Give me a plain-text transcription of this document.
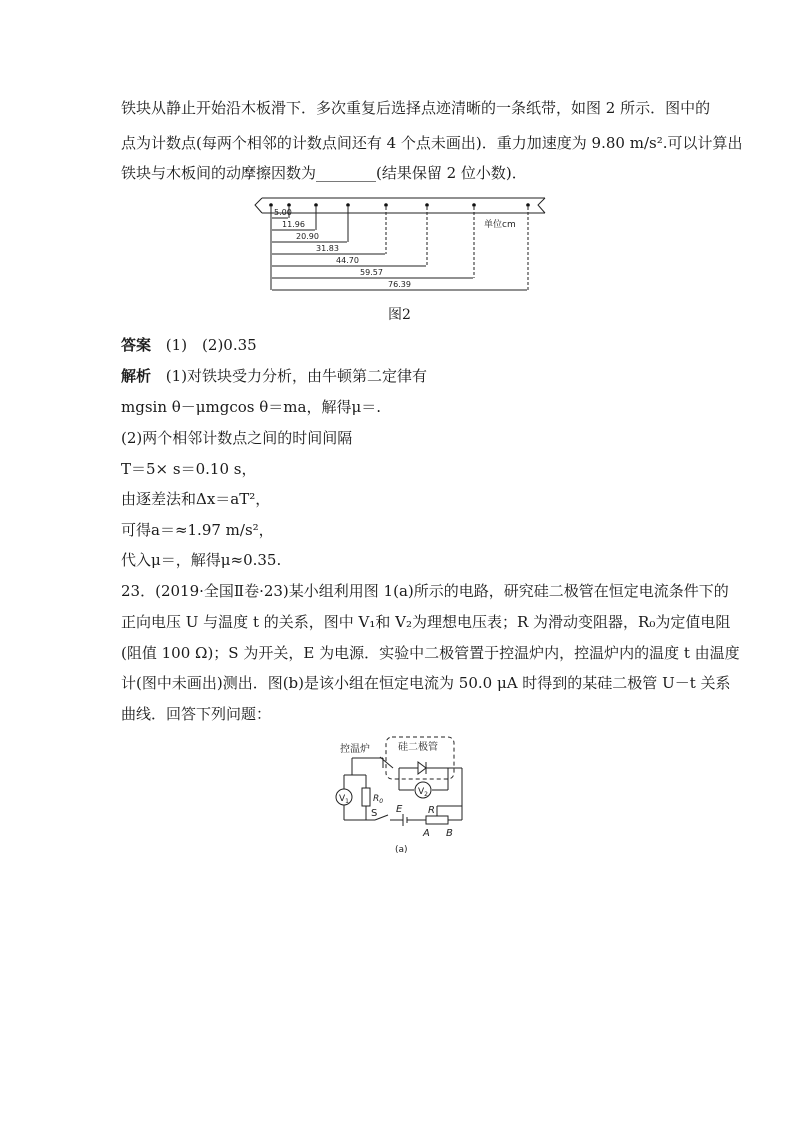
铁块从静止开始沿木板滑下．多次重复后选择点迹清晰的一条纸带，如图 2 所示．图中的
点为计数点(每两个相邻的计数点间还有 4 个点未画出)．重力加速度为 9.80 m/s².可以计算出
铁块与木板间的动摩擦因数为________(结果保留 2 位小数)．
5.00
11.96
20.90
31.83
44.70
59.57
76.39
单位cm
图2
答案 (1)　(2)0.35
解析 (1)对铁块受力分析，由牛顿第二定律有
mgsin θ－μmgcos θ＝ma，解得μ＝.
(2)两个相邻计数点之间的时间间隔
T＝5× s＝0.10 s，
由逐差法和Δx＝aT²，
可得a＝≈1.97 m/s²，
代入μ＝，解得μ≈0.35.
23．(2019·全国Ⅱ卷·23)某小组利用图 1(a)所示的电路，研究硅二极管在恒定电流条件下的
正向电压 U 与温度 t 的关系，图中 V₁和 V₂为理想电压表；R 为滑动变阻器，R₀为定值电阻
(阻值 100 Ω)；S 为开关，E 为电源．实验中二极管置于控温炉内，控温炉内的温度 t 由温度
计(图中未画出)测出．图(b)是该小组在恒定电流为 50.0 μA 时得到的某硅二极管 U－t 关系
曲线．回答下列问题：
控温炉	硅二极管
$V_1$
$V_2$
$R_0$
S E	R
A B
(a)
